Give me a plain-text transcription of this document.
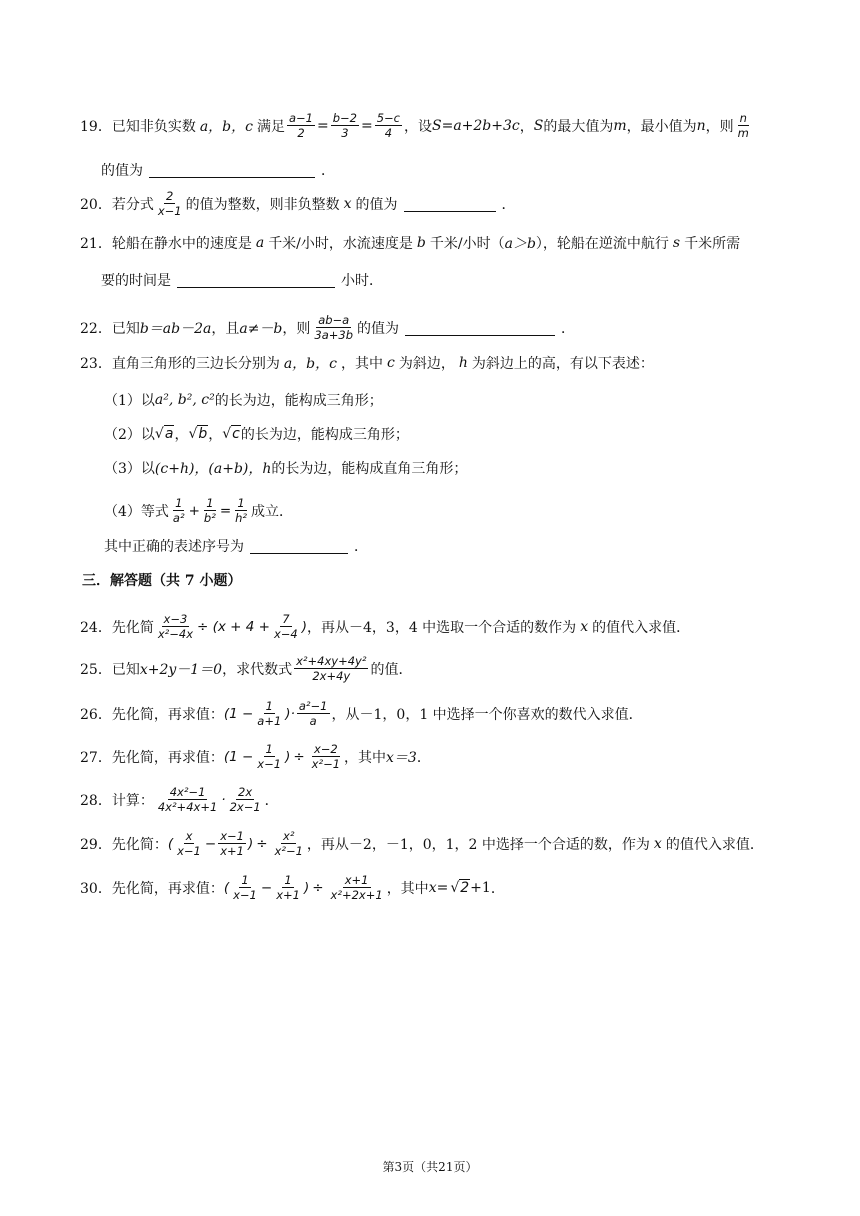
19． 已知非负实数 a，b，c 满足 $\frac{a-1}{2} = \frac{b-2}{3} = \frac{5-c}{4}$ ，设 S=a+2b+3c ， S 的最大值为 m ，最小值为 n ，则 $\frac{n}{m}$
的值为	．
20． 若分式 $\frac{2}{x-1}$ 的值为整数，则非负整数 x 的值为	．
21． 轮船在静水中的速度是 a 千米/小时，水流速度是 b 千米/小时（ a＞b ），轮船在逆流中航行 s 千米所需
要的时间是	小时．
22． 已知 b＝ab－2a ，且 a≠－b ，则 $\frac{ab-a}{3a+3b}$ 的值为	．
23． 直角三角形的三边长分别为 a，b，c ，其中 c 为斜边， h 为斜边上的高，有以下表述：
（1）以 a², b², c² 的长为边，能构成三角形；
（2）以 √a ， √b ， √c 的长为边，能构成三角形；
（3）以 (c+h)，(a+b)，h 的长为边，能构成直角三角形；
（4）等式 $\frac{1}{\text{a²}} + \frac{1}{\text{b²}} = \frac{1}{\text{h²}}$ 成立．
其中正确的表述序号为	．
三．解答题（共 7 小题）
24． 先化简 $\frac{x-3}{\text{x²−4x}} \div (x + 4 + \frac{7}{x-4}$ ) ，再从－4，3，4 中选取一个合适的数作为 x 的值代入求值．
25． 已知 x+2y－1＝0 ，求代数式 $\frac{\text{x²+4xy+4y²}}{2x+4y}$ 的值．
26． 先化简，再求值： ($1 - \frac{1}{a+1}$ ) · $\frac{\text{a²−1}}{a}$ ，从－1，0，1 中选择一个你喜欢的数代入求值．
27． 先化简，再求值： ($1 - \frac{1}{x-1}$ ) ÷ $\frac{x-2}{\text{x²−1}}$ ，其中 x＝3 ．
28． 计算： $\frac{\text{4x²−1}}{\text{4x²+4x+1}} \cdot \frac{2x}{2x-1}$ ．
29． 先化简： ( $\frac{x}{x-1} - \frac{x-1}{x+1}$ ) ÷ $\frac{\text{x²}}{\text{x²−1}}$ ，再从－2，－1，0，1，2 中选择一个合适的数，作为 x 的值代入求值．
30． 先化简，再求值： ( $\frac{1}{x-1} - \frac{1}{x+1}$ ) ÷ $\frac{x+1}{\text{x²+2x+1}}$ ，其中 x= √2 +1 ．
第3页（共21页）
